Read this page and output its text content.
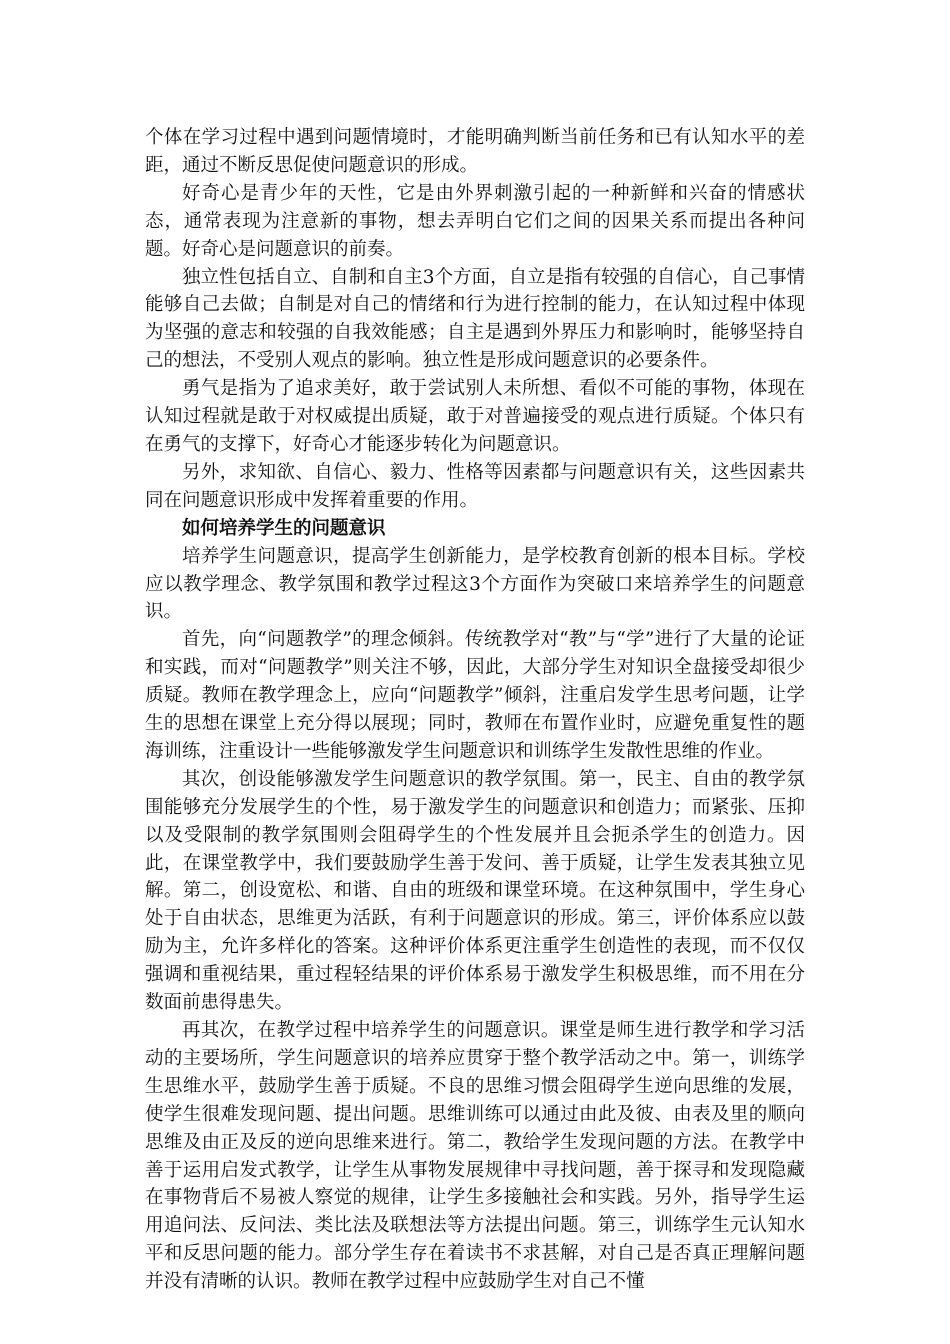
个体在学习过程中遇到问题情境时，才能明确判断当前任务和已有认知水平的差距，通过不断反思促使问题意识的形成。

好奇心是青少年的天性，它是由外界刺激引起的一种新鲜和兴奋的情感状态，通常表现为注意新的事物，想去弄明白它们之间的因果关系而提出各种问题。好奇心是问题意识的前奏。

独立性包括自立、自制和自主3个方面，自立是指有较强的自信心，自己事情能够自己去做；自制是对自己的情绪和行为进行控制的能力，在认知过程中体现为坚强的意志和较强的自我效能感；自主是遇到外界压力和影响时，能够坚持自己的想法，不受别人观点的影响。独立性是形成问题意识的必要条件。

勇气是指为了追求美好，敢于尝试别人未所想、看似不可能的事物，体现在认知过程就是敢于对权威提出质疑，敢于对普遍接受的观点进行质疑。个体只有在勇气的支撑下，好奇心才能逐步转化为问题意识。

另外，求知欲、自信心、毅力、性格等因素都与问题意识有关，这些因素共同在问题意识形成中发挥着重要的作用。

如何培养学生的问题意识

培养学生问题意识，提高学生创新能力，是学校教育创新的根本目标。学校应以教学理念、教学氛围和教学过程这3个方面作为突破口来培养学生的问题意识。

首先，向“问题教学”的理念倾斜。传统教学对“教”与“学”进行了大量的论证和实践，而对“问题教学”则关注不够，因此，大部分学生对知识全盘接受却很少质疑。教师在教学理念上，应向“问题教学”倾斜，注重启发学生思考问题，让学生的思想在课堂上充分得以展现；同时，教师在布置作业时，应避免重复性的题海训练，注重设计一些能够激发学生问题意识和训练学生发散性思维的作业。

其次，创设能够激发学生问题意识的教学氛围。第一，民主、自由的教学氛围能够充分发展学生的个性，易于激发学生的问题意识和创造力；而紧张、压抑以及受限制的教学氛围则会阻碍学生的个性发展并且会扼杀学生的创造力。因此，在课堂教学中，我们要鼓励学生善于发问、善于质疑，让学生发表其独立见解。第二，创设宽松、和谐、自由的班级和课堂环境。在这种氛围中，学生身心处于自由状态，思维更为活跃，有利于问题意识的形成。第三，评价体系应以鼓励为主，允许多样化的答案。这种评价体系更注重学生创造性的表现，而不仅仅强调和重视结果，重过程轻结果的评价体系易于激发学生积极思维，而不用在分数面前患得患失。

再其次，在教学过程中培养学生的问题意识。课堂是师生进行教学和学习活动的主要场所，学生问题意识的培养应贯穿于整个教学活动之中。第一，训练学生思维水平，鼓励学生善于质疑。不良的思维习惯会阻碍学生逆向思维的发展，使学生很难发现问题、提出问题。思维训练可以通过由此及彼、由表及里的顺向思维及由正及反的逆向思维来进行。第二，教给学生发现问题的方法。在教学中善于运用启发式教学，让学生从事物发展规律中寻找问题，善于探寻和发现隐藏在事物背后不易被人察觉的规律，让学生多接触社会和实践。另外，指导学生运用追问法、反问法、类比法及联想法等方法提出问题。第三，训练学生元认知水平和反思问题的能力。部分学生存在着读书不求甚解，对自己是否真正理解问题并没有清晰的认识。教师在教学过程中应鼓励学生对自己不懂
